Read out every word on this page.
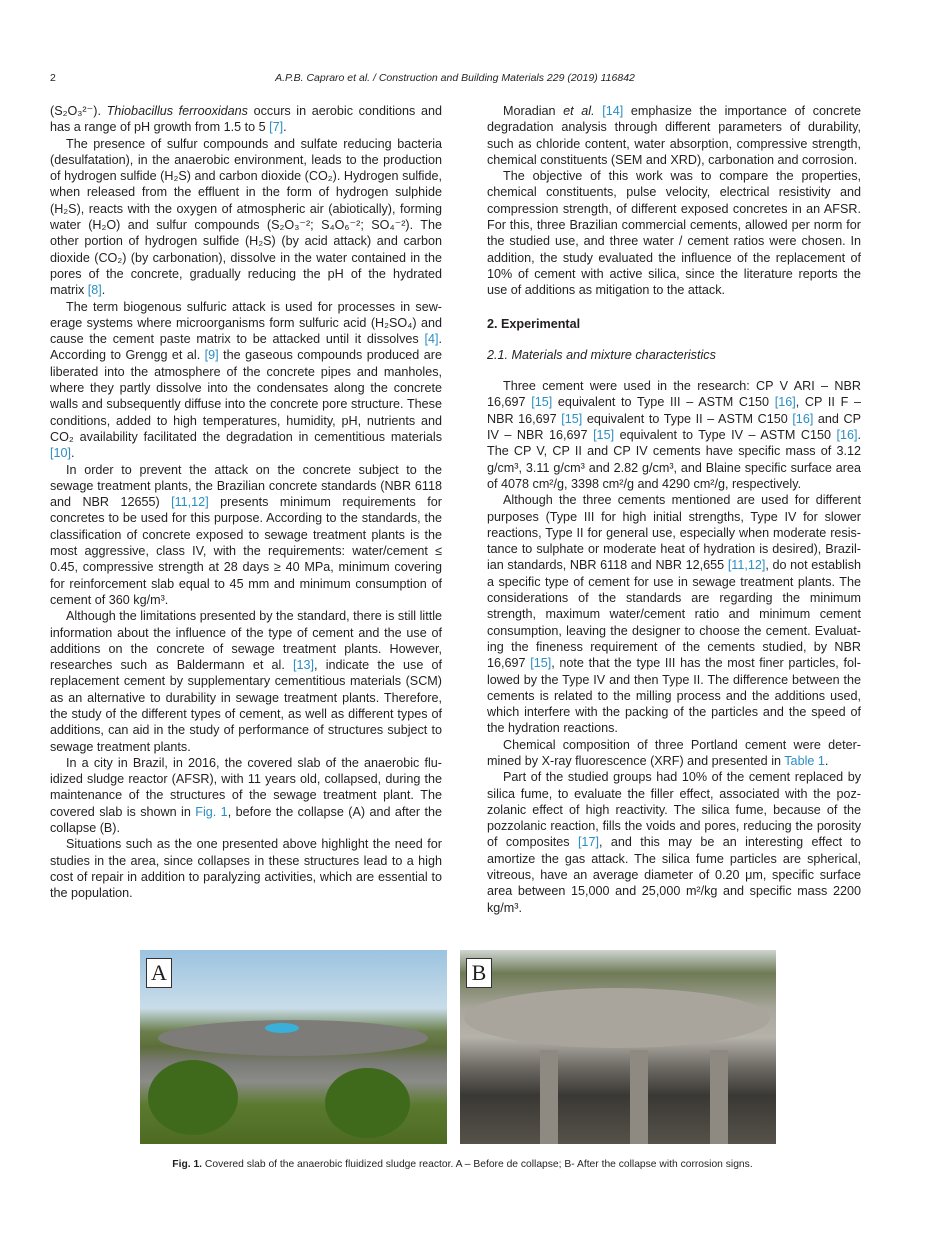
2	A.P.B. Capraro et al. / Construction and Building Materials 229 (2019) 116842

(S₂O₃²⁻). Thiobacillus ferrooxidans occurs in aerobic conditions and has a range of pH growth from 1.5 to 5 [7].

The presence of sulfur compounds and sulfate reducing bacteria (desulfatation), in the anaerobic environment, leads to the production of hydrogen sulfide (H₂S) and carbon dioxide (CO₂). Hydrogen sulfide, when released from the effluent in the form of hydrogen sulphide (H₂S), reacts with the oxygen of atmospheric air (abiotically), forming water (H₂O) and sulfur compounds (S₂O₃⁻²; S₄O₆⁻²; SO₄⁻²). The other portion of hydrogen sulfide (H₂S) (by acid attack) and carbon dioxide (CO₂) (by carbonation), dissolve in the water contained in the pores of the concrete, gradually reducing the pH of the hydrated matrix [8].

The term biogenous sulfuric attack is used for processes in sewerage systems where microorganisms form sulfuric acid (H₂SO₄) and cause the cement paste matrix to be attacked until it dissolves [4]. According to Grengg et al. [9] the gaseous compounds produced are liberated into the atmosphere of the concrete pipes and manholes, where they partly dissolve into the condensates along the concrete walls and subsequently diffuse into the concrete pore structure. These conditions, added to high temperatures, humidity, pH, nutrients and CO₂ availability facilitated the degradation in cementitious materials [10].

In order to prevent the attack on the concrete subject to the sewage treatment plants, the Brazilian concrete standards (NBR 6118 and NBR 12655) [11,12] presents minimum requirements for concretes to be used for this purpose. According to the standards, the classification of concrete exposed to sewage treatment plants is the most aggressive, class IV, with the requirements: water/cement ≤ 0.45, compressive strength at 28 days ≥ 40 MPa, minimum covering for reinforcement slab equal to 45 mm and minimum consumption of cement of 360 kg/m³.

Although the limitations presented by the standard, there is still little information about the influence of the type of cement and the use of additions on the concrete of sewage treatment plants. However, researches such as Baldermann et al. [13], indicate the use of replacement cement by supplementary cementitious materials (SCM) as an alternative to durability in sewage treatment plants. Therefore, the study of the different types of cement, as well as different types of additions, can aid in the study of performance of structures subject to sewage treatment plants.

In a city in Brazil, in 2016, the covered slab of the anaerobic fluidized sludge reactor (AFSR), with 11 years old, collapsed, during the maintenance of the structures of the sewage treatment plant. The covered slab is shown in Fig. 1, before the collapse (A) and after the collapse (B).

Situations such as the one presented above highlight the need for studies in the area, since collapses in these structures lead to a high cost of repair in addition to paralyzing activities, which are essential to the population.

Moradian et al. [14] emphasize the importance of concrete degradation analysis through different parameters of durability, such as chloride content, water absorption, compressive strength, chemical constituents (SEM and XRD), carbonation and corrosion.

The objective of this work was to compare the properties, chemical constituents, pulse velocity, electrical resistivity and compression strength, of different exposed concretes in an AFSR. For this, three Brazilian commercial cements, allowed per norm for the studied use, and three water / cement ratios were chosen. In addition, the study evaluated the influence of the replacement of 10% of cement with active silica, since the literature reports the use of additions as mitigation to the attack.

2. Experimental
2.1. Materials and mixture characteristics

Three cement were used in the research: CP V ARI – NBR 16,697 [15] equivalent to Type III – ASTM C150 [16], CP II F – NBR 16,697 [15] equivalent to Type II – ASTM C150 [16] and CP IV – NBR 16,697 [15] equivalent to Type IV – ASTM C150 [16]. The CP V, CP II and CP IV cements have specific mass of 3.12 g/cm³, 3.11 g/cm³ and 2.82 g/cm³, and Blaine specific surface area of 4078 cm²/g, 3398 cm²/g and 4290 cm²/g, respectively.

Although the three cements mentioned are used for different purposes (Type III for high initial strengths, Type IV for slower reactions, Type II for general use, especially when moderate resistance to sulphate or moderate heat of hydration is desired), Brazilian standards, NBR 6118 and NBR 12,655 [11,12], do not establish a specific type of cement for use in sewage treatment plants. The considerations of the standards are regarding the minimum strength, maximum water/cement ratio and minimum cement consumption, leaving the designer to choose the cement. Evaluating the fineness requirement of the cements studied, by NBR 16,697 [15], note that the type III has the most finer particles, followed by the Type IV and then Type II. The difference between the cements is related to the milling process and the additions used, which interfere with the packing of the particles and the speed of the hydration reactions.

Chemical composition of three Portland cement were determined by X-ray fluorescence (XRF) and presented in Table 1.

Part of the studied groups had 10% of the cement replaced by silica fume, to evaluate the filler effect, associated with the pozzolanic effect of high reactivity. The silica fume, because of the pozzolanic reaction, fills the voids and pores, reducing the porosity of composites [17], and this may be an interesting effect to amortize the gas attack. The silica fume particles are spherical, vitreous, have an average diameter of 0.20 μm, specific surface area between 15,000 and 25,000 m²/kg and specific mass 2200 kg/m³.

A	B
Fig. 1. Covered slab of the anaerobic fluidized sludge reactor. A – Before de collapse; B- After the collapse with corrosion signs.
